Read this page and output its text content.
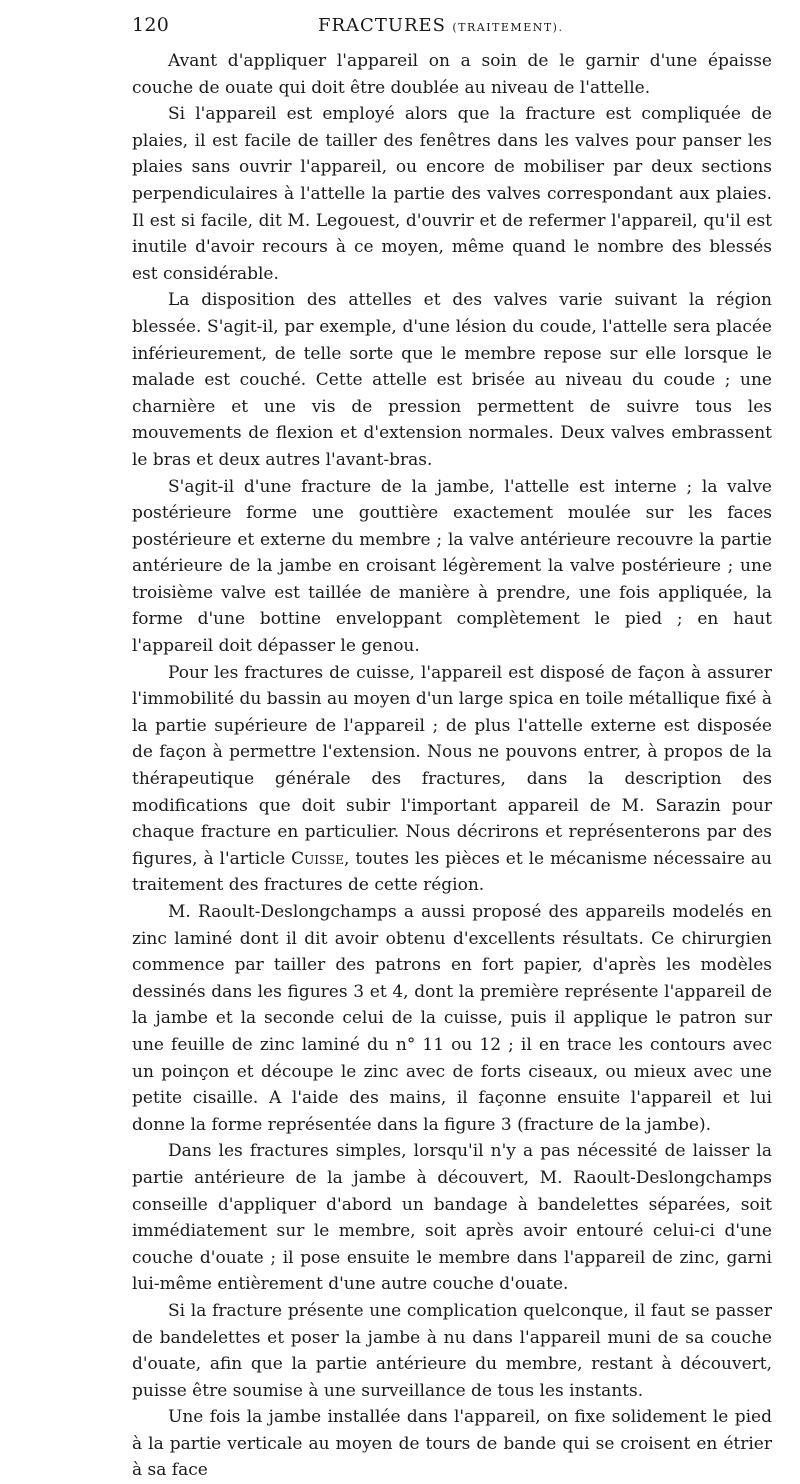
120	FRACTURES
(TRAITEMENT).

Avant d'appliquer l'appareil on a soin de le garnir d'une épaisse couche de ouate qui doit être doublée au niveau de l'attelle.

Si l'appareil est employé alors que la fracture est compliquée de plaies, il est facile de tailler des fenêtres dans les valves pour panser les plaies sans ouvrir l'appareil, ou encore de mobiliser par deux sections perpendiculaires à l'attelle la partie des valves correspondant aux plaies. Il est si facile, dit M. Legouest, d'ouvrir et de refermer l'appareil, qu'il est inutile d'avoir recours à ce moyen, même quand le nombre des blessés est considérable.

La disposition des attelles et des valves varie suivant la région blessée. S'agit-il, par exemple, d'une lésion du coude, l'attelle sera placée inférieurement, de telle sorte que le membre repose sur elle lorsque le malade est couché. Cette attelle est brisée au niveau du coude ; une charnière et une vis de pression permettent de suivre tous les mouvements de flexion et d'extension normales. Deux valves embrassent le bras et deux autres l'avant-bras.

S'agit-il d'une fracture de la jambe, l'attelle est interne ; la valve postérieure forme une gouttière exactement moulée sur les faces postérieure et externe du membre ; la valve antérieure recouvre la partie antérieure de la jambe en croisant légèrement la valve postérieure ; une troisième valve est taillée de manière à prendre, une fois appliquée, la forme d'une bottine enveloppant complètement le pied ; en haut l'appareil doit dépasser le genou.

Pour les fractures de cuisse, l'appareil est disposé de façon à assurer l'immobilité du bassin au moyen d'un large spica en toile métallique fixé à la partie supérieure de l'appareil ; de plus l'attelle externe est disposée de façon à permettre l'extension. Nous ne pouvons entrer, à propos de la thérapeutique générale des fractures, dans la description des modifications que doit subir l'important appareil de M. Sarazin pour chaque fracture en particulier. Nous décrirons et représenterons par des figures, à l'article Cuisse, toutes les pièces et le mécanisme nécessaire au traitement des fractures de cette région.

M. Raoult-Deslongchamps a aussi proposé des appareils modelés en zinc laminé dont il dit avoir obtenu d'excellents résultats. Ce chirurgien commence par tailler des patrons en fort papier, d'après les modèles dessinés dans les figures 3 et 4, dont la première représente l'appareil de la jambe et la seconde celui de la cuisse, puis il applique le patron sur une feuille de zinc laminé du n° 11 ou 12 ; il en trace les contours avec un poinçon et découpe le zinc avec de forts ciseaux, ou mieux avec une petite cisaille. A l'aide des mains, il façonne ensuite l'appareil et lui donne la forme représentée dans la figure 3 (fracture de la jambe).

Dans les fractures simples, lorsqu'il n'y a pas nécessité de laisser la partie antérieure de la jambe à découvert, M. Raoult-Deslongchamps conseille d'appliquer d'abord un bandage à bandelettes séparées, soit immédiatement sur le membre, soit après avoir entouré celui-ci d'une couche d'ouate ; il pose ensuite le membre dans l'appareil de zinc, garni lui-même entièrement d'une autre couche d'ouate.

Si la fracture présente une complication quelconque, il faut se passer de bandelettes et poser la jambe à nu dans l'appareil muni de sa couche d'ouate, afin que la partie antérieure du membre, restant à découvert, puisse être soumise à une surveillance de tous les instants.

Une fois la jambe installée dans l'appareil, on fixe solidement le pied à la partie verticale au moyen de tours de bande qui se croisent en étrier à sa face
